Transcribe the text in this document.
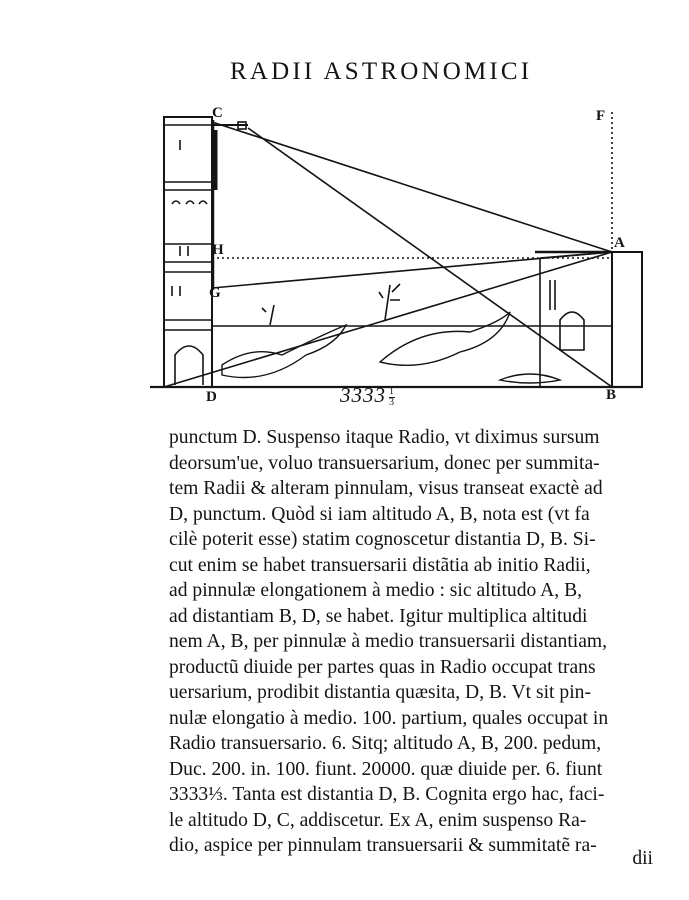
RADII ASTRONOMICI
C	F
A
H
G
D	B
$3333 \frac{1}{3}$
punctum D. Suspenso itaque Radio, vt diximus sursum
deorsum'ue, voluo transuersarium, donec per summita-
tem Radii & alteram pinnulam, visus transeat exactè ad
D, punctum. Quòd si iam altitudo A, B, nota est (vt fa
cilè poterit esse) statim cognoscetur distantia D, B. Si-
cut enim se habet transuersarii distãtia ab initio Radii,
ad pinnulæ elongationem à medio : sic altitudo A, B,
ad distantiam B, D, se habet. Igitur multiplica altitudi
nem A, B, per pinnulæ à medio transuersarii distantiam,
productũ diuide per partes quas in Radio occupat trans
uersarium, prodibit distantia quæsita, D, B. Vt sit pin-
nulæ elongatio à medio. 100. partium, quales occupat in
Radio transuersario. 6. Sitq; altitudo A, B, 200. pedum,
Duc. 200. in. 100. fiunt. 20000. quæ diuide per. 6. fiunt
3333⅓. Tanta est distantia D, B. Cognita ergo hac, faci-
le altitudo D, C, addiscetur. Ex A, enim suspenso Ra-
dio, aspice per pinnulam transuersarii & summitatẽ ra-
dii
